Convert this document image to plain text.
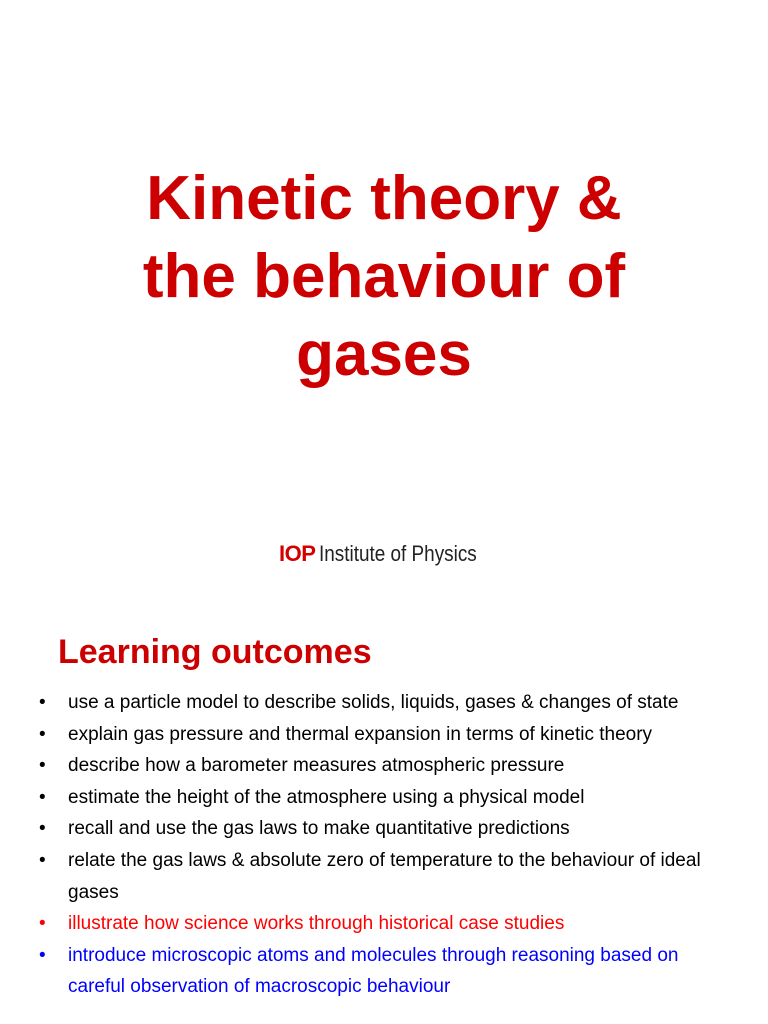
Kinetic theory &
the behaviour of
gases
IOP Institute of Physics
Learning outcomes
• use a particle model to describe solids, liquids, gases & changes of state
• explain gas pressure and thermal expansion in terms of kinetic theory
• describe how a barometer measures atmospheric pressure
• estimate the height of the atmosphere using a physical model
• recall and use the gas laws to make quantitative predictions
• relate the gas laws & absolute zero of temperature to the behaviour of ideal gases
• illustrate how science works through historical case studies
• introduce microscopic atoms and molecules through reasoning based on careful observation of macroscopic behaviour
